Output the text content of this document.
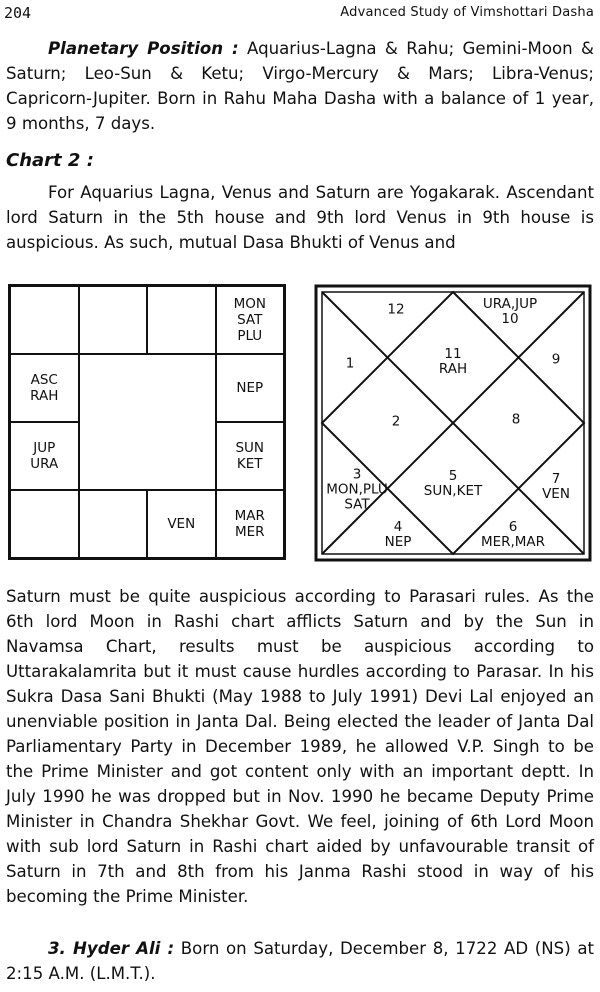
204	Advanced Study of Vimshottari Dasha
Planetary Position : Aquarius-Lagna & Rahu; Gemini-Moon & Saturn; Leo-Sun & Ketu; Virgo-Mercury & Mars; Libra-Venus; Capricorn-Jupiter. Born in Rahu Maha Dasha with a balance of 1 year, 9 months, 7 days.
Chart 2 :
For Aquarius Lagna, Venus and Saturn are Yogakarak. Ascendant lord Saturn in the 5th house and 9th lord Venus in 9th house is auspicious. As such, mutual Dasa Bhukti of Venus and
MON
SAT
PLU
ASC
RAH	NEP
JUP
URA
SUN
KET
VEN	MAR
MER
12	URA,JUP
10
1
11
RAH
9
2	8
3
MON,PLU
SAT
5
SUN,KET
7
VEN
4
NEP
6
MER,MAR
Saturn must be quite auspicious according to Parasari rules. As the 6th lord Moon in Rashi chart afflicts Saturn and by the Sun in Navamsa Chart, results must be auspicious according to Uttarakalamrita but it must cause hurdles according to Parasar. In his Sukra Dasa Sani Bhukti (May 1988 to July 1991) Devi Lal enjoyed an unenviable position in Janta Dal. Being elected the leader of Janta Dal Parliamentary Party in December 1989, he allowed V.P. Singh to be the Prime Minister and got content only with an important deptt. In July 1990 he was dropped but in Nov. 1990 he became Deputy Prime Minister in Chandra Shekhar Govt. We feel, joining of 6th Lord Moon with sub lord Saturn in Rashi chart aided by unfavourable transit of Saturn in 7th and 8th from his Janma Rashi stood in way of his becoming the Prime Minister.
3. Hyder Ali : Born on Saturday, December 8, 1722 AD (NS) at 2:15 A.M. (L.M.T.).
